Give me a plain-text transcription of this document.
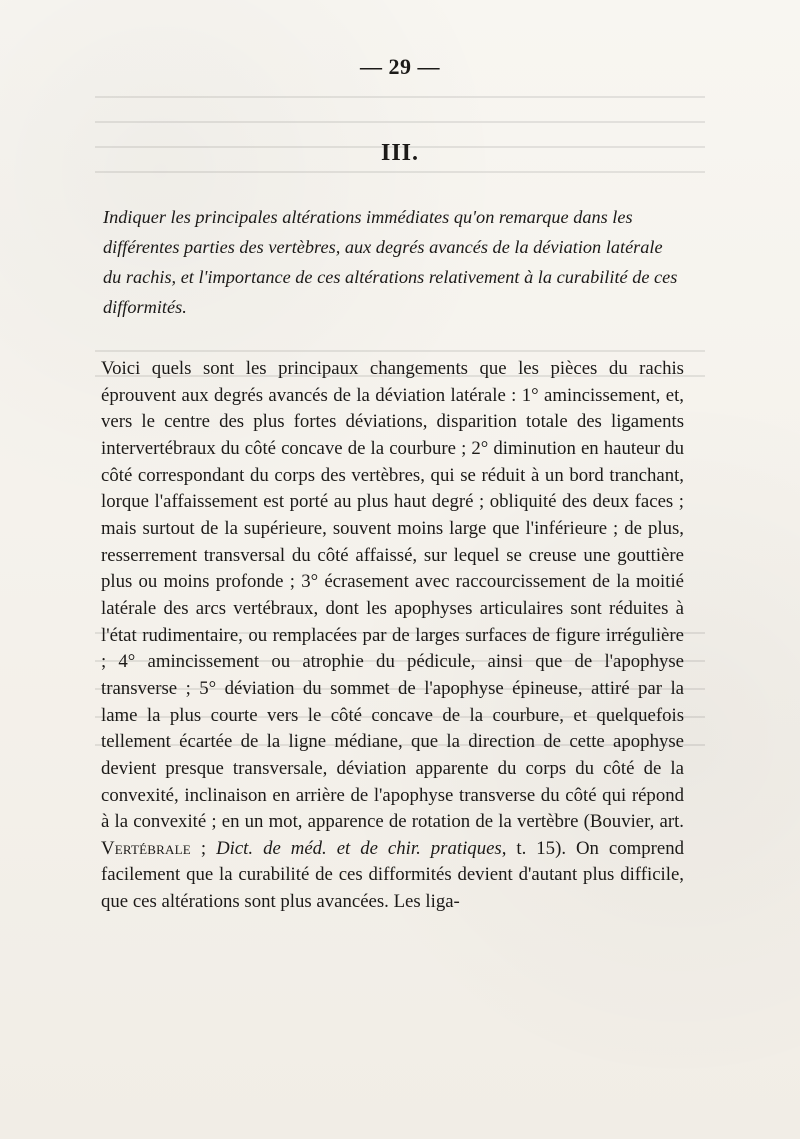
— 29 —
III.
Indiquer les principales altérations immédiates qu'on remarque dans les différentes parties des vertèbres, aux degrés avancés de la déviation latérale du rachis, et l'importance de ces altérations relativement à la curabilité de ces difformités.
Voici quels sont les principaux changements que les pièces du rachis éprouvent aux degrés avancés de la déviation latérale : 1° amincissement, et, vers le centre des plus fortes déviations, disparition totale des ligaments intervertébraux du côté concave de la courbure ; 2° diminution en hauteur du côté correspondant du corps des vertèbres, qui se réduit à un bord tranchant, lorque l'affaissement est porté au plus haut degré ; obliquité des deux faces ; mais surtout de la supérieure, souvent moins large que l'inférieure ; de plus, resserrement transversal du côté affaissé, sur lequel se creuse une gouttière plus ou moins profonde ; 3° écrasement avec raccourcissement de la moitié latérale des arcs vertébraux, dont les apophyses articulaires sont réduites à l'état rudimentaire, ou remplacées par de larges surfaces de figure irrégulière ; 4° amincissement ou atrophie du pédicule, ainsi que de l'apophyse transverse ; 5° déviation du sommet de l'apophyse épineuse, attiré par la lame la plus courte vers le côté concave de la courbure, et quelquefois tellement écartée de la ligne médiane, que la direction de cette apophyse devient presque transversale, déviation apparente du corps du côté de la convexité, inclinaison en arrière de l'apophyse transverse du côté qui répond à la convexité ; en un mot, apparence de rotation de la vertèbre (Bouvier, art. Vertébrale ; Dict. de méd. et de chir. pratiques, t. 15). On comprend facilement que la curabilité de ces difformités devient d'autant plus difficile, que ces altérations sont plus avancées. Les liga-
